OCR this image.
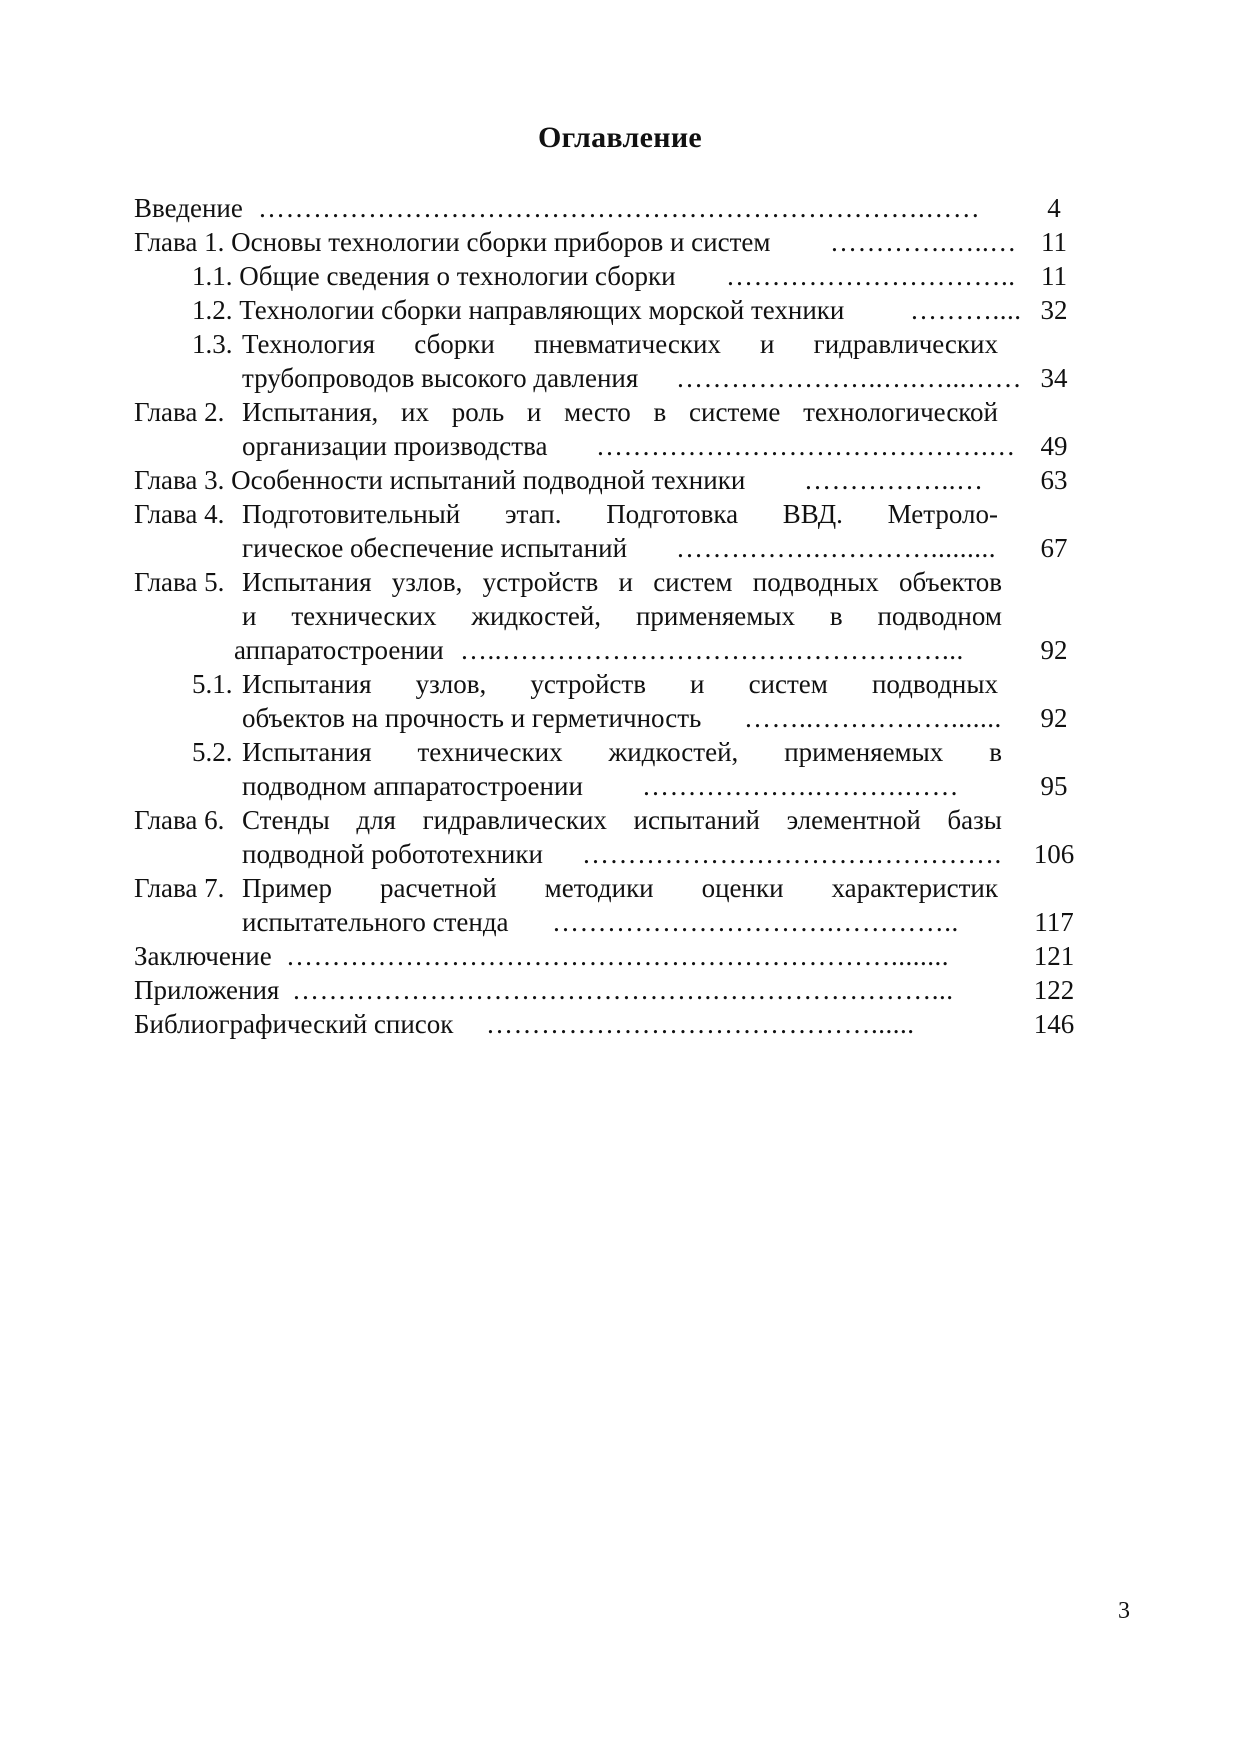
Оглавление
Введение ……………………………………………………………….……	4
Глава 1. Основы технологии сборки приборов и систем ………….…..… 11
1.1. Общие сведения о технологии сборки ………………………….. 11
1.2. Технологии сборки направляющих морской техники ……….... 32
1.3. Технология сборки пневматических и гидравлических
трубопроводов высокого давления …………………..….…...…… 34
Глава 2. Испытания, их роль и место в системе технологической
организации производства …………………………………….… 49
Глава 3. Особенности испытаний подводной техники ……………..…	63
Глава 4. Подготовительный этап. Подготовка ВВД. Метроло-
гическое обеспечение испытаний …………….………….........	67
Глава 5. Испытания узлов, устройств и систем подводных объектов
и технических жидкостей, применяемых в подводном
аппаратостроении …..…………………………………………...	92
5.1. Испытания узлов, устройств и систем подводных
объектов на прочность и герметичность ……..…………….......	92
5.2. Испытания технических жидкостей, применяемых в
подводном аппаратостроении ……………….……….……	95
Глава 6. Стенды для гидравлических испытаний элементной базы
подводной робототехники ……………………………………….	106
Глава 7. Пример расчетной методики оценки характеристик
испытательного стенда ………………………….…………..	117
Заключение …………………………………………………………........	121
Приложения ……………………………………….……………………...	122
Библиографический список ……………………………………......	146
3
